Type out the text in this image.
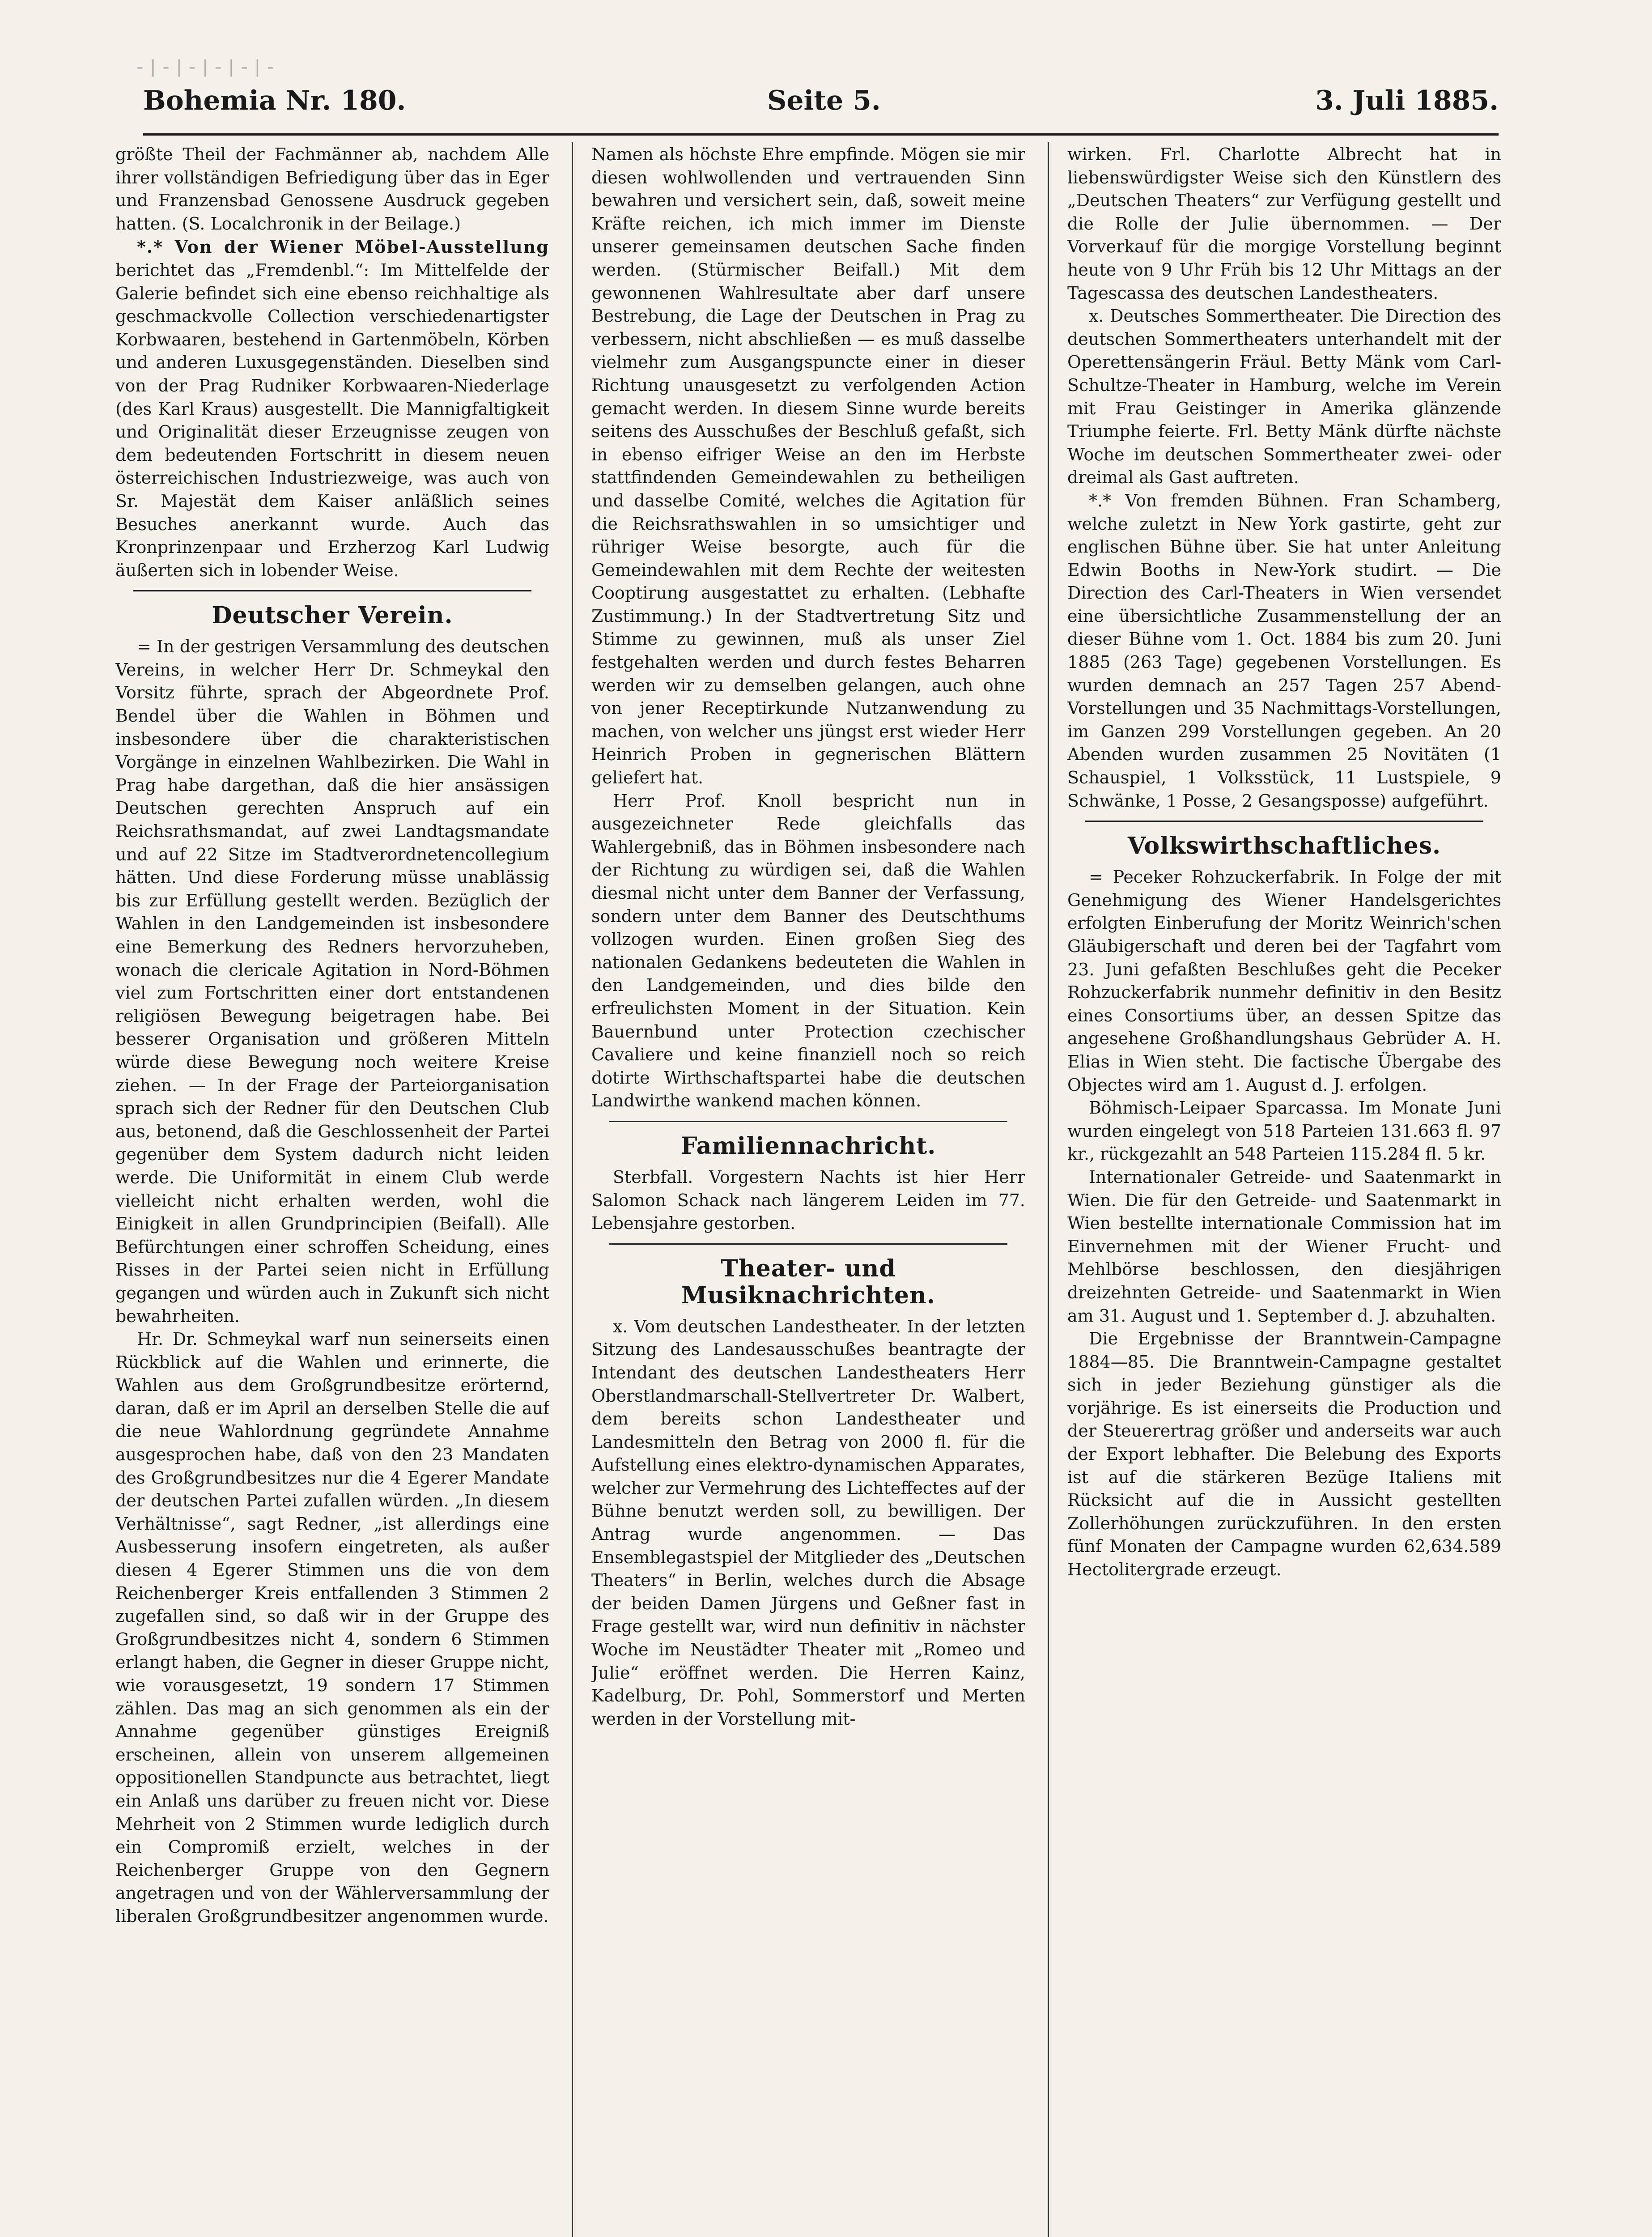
-|-|-|-|-|-
Bohemia Nr. 180.	Seite 5.	3. Juli 1885.

größte Theil der Fachmänner ab, nachdem Alle ihrer vollständigen Befriedigung über das in Eger und Franzensbad Genossene Ausdruck gegeben hatten. (S. Localchronik in der Beilage.)

*.* Von der Wiener Möbel-Ausstellung berichtet das „Fremdenbl.“: Im Mittelfelde der Galerie befindet sich eine ebenso reichhaltige als geschmackvolle Collection verschiedenartigster Korbwaaren, bestehend in Gartenmöbeln, Körben und anderen Luxusgegenständen. Dieselben sind von der Prag Rudniker Korbwaaren-Niederlage (des Karl Kraus) ausgestellt. Die Mannigfaltigkeit und Originalität dieser Erzeugnisse zeugen von dem bedeutenden Fortschritt in diesem neuen österreichischen Industriezweige, was auch von Sr. Majestät dem Kaiser anläßlich seines Besuches anerkannt wurde. Auch das Kronprinzenpaar und Erzherzog Karl Ludwig äußerten sich in lobender Weise.

Deutscher Verein.

= In der gestrigen Versammlung des deutschen Vereins, in welcher Herr Dr. Schmeykal den Vorsitz führte, sprach der Abgeordnete Prof. Bendel über die Wahlen in Böhmen und insbesondere über die charakteristischen Vorgänge in einzelnen Wahlbezirken. Die Wahl in Prag habe dargethan, daß die hier ansässigen Deutschen gerechten Anspruch auf ein Reichsrathsmandat, auf zwei Landtagsmandate und auf 22 Sitze im Stadtverordnetencollegium hätten. Und diese Forderung müsse unablässig bis zur Erfüllung gestellt werden. Bezüglich der Wahlen in den Landgemeinden ist insbesondere eine Bemerkung des Redners hervorzuheben, wonach die clericale Agitation in Nord-Böhmen viel zum Fortschritten einer dort entstandenen religiösen Bewegung beigetragen habe. Bei besserer Organisation und größeren Mitteln würde diese Bewegung noch weitere Kreise ziehen. — In der Frage der Parteiorganisation sprach sich der Redner für den Deutschen Club aus, betonend, daß die Geschlossenheit der Partei gegenüber dem System dadurch nicht leiden werde. Die Uniformität in einem Club werde vielleicht nicht erhalten werden, wohl die Einigkeit in allen Grundprincipien (Beifall). Alle Befürchtungen einer schroffen Scheidung, eines Risses in der Partei seien nicht in Erfüllung gegangen und würden auch in Zukunft sich nicht bewahrheiten.

Hr. Dr. Schmeykal warf nun seinerseits einen Rückblick auf die Wahlen und erinnerte, die Wahlen aus dem Großgrundbesitze erörternd, daran, daß er im April an derselben Stelle die auf die neue Wahlordnung gegründete Annahme ausgesprochen habe, daß von den 23 Mandaten des Großgrundbesitzes nur die 4 Egerer Mandate der deutschen Partei zufallen würden. „In diesem Verhältnisse“, sagt Redner, „ist allerdings eine Ausbesserung insofern eingetreten, als außer diesen 4 Egerer Stimmen uns die von dem Reichenberger Kreis entfallenden 3 Stimmen 2 zugefallen sind, so daß wir in der Gruppe des Großgrundbesitzes nicht 4, sondern 6 Stimmen erlangt haben, die Gegner in dieser Gruppe nicht, wie vorausgesetzt, 19 sondern 17 Stimmen zählen. Das mag an sich genommen als ein der Annahme gegenüber günstiges Ereigniß erscheinen, allein von unserem allgemeinen oppositionellen Standpuncte aus betrachtet, liegt ein Anlaß uns darüber zu freuen nicht vor. Diese Mehrheit von 2 Stimmen wurde lediglich durch ein Compromiß erzielt, welches in der Reichenberger Gruppe von den Gegnern angetragen und von der Wählerversammlung der liberalen Großgrundbesitzer angenommen wurde.

Namen als höchste Ehre empfinde. Mögen sie mir diesen wohlwollenden und vertrauenden Sinn bewahren und versichert sein, daß, soweit meine Kräfte reichen, ich mich immer im Dienste unserer gemeinsamen deutschen Sache finden werden. (Stürmischer Beifall.) Mit dem gewonnenen Wahlresultate aber darf unsere Bestrebung, die Lage der Deutschen in Prag zu verbessern, nicht abschließen — es muß dasselbe vielmehr zum Ausgangspuncte einer in dieser Richtung unausgesetzt zu verfolgenden Action gemacht werden. In diesem Sinne wurde bereits seitens des Ausschußes der Beschluß gefaßt, sich in ebenso eifriger Weise an den im Herbste stattfindenden Gemeindewahlen zu betheiligen und dasselbe Comité, welches die Agitation für die Reichsrathswahlen in so umsichtiger und rühriger Weise besorgte, auch für die Gemeindewahlen mit dem Rechte der weitesten Cooptirung ausgestattet zu erhalten. (Lebhafte Zustimmung.) In der Stadtvertretung Sitz und Stimme zu gewinnen, muß als unser Ziel festgehalten werden und durch festes Beharren werden wir zu demselben gelangen, auch ohne von jener Receptirkunde Nutzanwendung zu machen, von welcher uns jüngst erst wieder Herr Heinrich Proben in gegnerischen Blättern geliefert hat.

Herr Prof. Knoll bespricht nun in ausgezeichneter Rede gleichfalls das Wahlergebniß, das in Böhmen insbesondere nach der Richtung zu würdigen sei, daß die Wahlen diesmal nicht unter dem Banner der Verfassung, sondern unter dem Banner des Deutschthums vollzogen wurden. Einen großen Sieg des nationalen Gedankens bedeuteten die Wahlen in den Landgemeinden, und dies bilde den erfreulichsten Moment in der Situation. Kein Bauernbund unter Protection czechischer Cavaliere und keine finanziell noch so reich dotirte Wirthschaftspartei habe die deutschen Landwirthe wankend machen können.

Familiennachricht.

Sterbfall. Vorgestern Nachts ist hier Herr Salomon Schack nach längerem Leiden im 77. Lebensjahre gestorben.

Theater- und Musiknachrichten.

x. Vom deutschen Landestheater. In der letzten Sitzung des Landesausschußes beantragte der Intendant des deutschen Landestheaters Herr Oberstlandmarschall-Stellvertreter Dr. Walbert, dem bereits schon Landestheater und Landesmitteln den Betrag von 2000 fl. für die Aufstellung eines elektro-dynamischen Apparates, welcher zur Vermehrung des Lichteffectes auf der Bühne benutzt werden soll, zu bewilligen. Der Antrag wurde angenommen. — Das Ensemblegastspiel der Mitglieder des „Deutschen Theaters“ in Berlin, welches durch die Absage der beiden Damen Jürgens und Geßner fast in Frage gestellt war, wird nun definitiv in nächster Woche im Neustädter Theater mit „Romeo und Julie“ eröffnet werden. Die Herren Kainz, Kadelburg, Dr. Pohl, Sommerstorf und Merten werden in der Vorstellung mit-

wirken. Frl. Charlotte Albrecht hat in liebenswürdigster Weise sich den Künstlern des „Deutschen Theaters“ zur Verfügung gestellt und die Rolle der Julie übernommen. — Der Vorverkauf für die morgige Vorstellung beginnt heute von 9 Uhr Früh bis 12 Uhr Mittags an der Tagescassa des deutschen Landestheaters.

x. Deutsches Sommertheater. Die Direction des deutschen Sommertheaters unterhandelt mit der Operettensängerin Fräul. Betty Mänk vom Carl-Schultze-Theater in Hamburg, welche im Verein mit Frau Geistinger in Amerika glänzende Triumphe feierte. Frl. Betty Mänk dürfte nächste Woche im deutschen Sommertheater zwei- oder dreimal als Gast auftreten.

*.* Von fremden Bühnen. Fran Schamberg, welche zuletzt in New York gastirte, geht zur englischen Bühne über. Sie hat unter Anleitung Edwin Booths in New-York studirt. — Die Direction des Carl-Theaters in Wien versendet eine übersichtliche Zusammenstellung der an dieser Bühne vom 1. Oct. 1884 bis zum 20. Juni 1885 (263 Tage) gegebenen Vorstellungen. Es wurden demnach an 257 Tagen 257 Abend-Vorstellungen und 35 Nachmittags-Vorstellungen, im Ganzen 299 Vorstellungen gegeben. An 20 Abenden wurden zusammen 25 Novitäten (1 Schauspiel, 1 Volksstück, 11 Lustspiele, 9 Schwänke, 1 Posse, 2 Gesangsposse) aufgeführt.

Volkswirthschaftliches.

= Peceker Rohzuckerfabrik. In Folge der mit Genehmigung des Wiener Handelsgerichtes erfolgten Einberufung der Moritz Weinrich'schen Gläubigerschaft und deren bei der Tagfahrt vom 23. Juni gefaßten Beschlußes geht die Peceker Rohzuckerfabrik nunmehr definitiv in den Besitz eines Consortiums über, an dessen Spitze das angesehene Großhandlungshaus Gebrüder A. H. Elias in Wien steht. Die factische Übergabe des Objectes wird am 1. August d. J. erfolgen.

Böhmisch-Leipaer Sparcassa. Im Monate Juni wurden eingelegt von 518 Parteien 131.663 fl. 97 kr., rückgezahlt an 548 Parteien 115.284 fl. 5 kr.

Internationaler Getreide- und Saatenmarkt in Wien. Die für den Getreide- und Saatenmarkt in Wien bestellte internationale Commission hat im Einvernehmen mit der Wiener Frucht- und Mehlbörse beschlossen, den diesjährigen dreizehnten Getreide- und Saatenmarkt in Wien am 31. August und 1. September d. J. abzuhalten.

Die Ergebnisse der Branntwein-Campagne 1884—85. Die Branntwein-Campagne gestaltet sich in jeder Beziehung günstiger als die vorjährige. Es ist einerseits die Production und der Steuerertrag größer und anderseits war auch der Export lebhafter. Die Belebung des Exports ist auf die stärkeren Bezüge Italiens mit Rücksicht auf die in Aussicht gestellten Zollerhöhungen zurückzuführen. In den ersten fünf Monaten der Campagne wurden 62,634.589 Hectolitergrade erzeugt.
